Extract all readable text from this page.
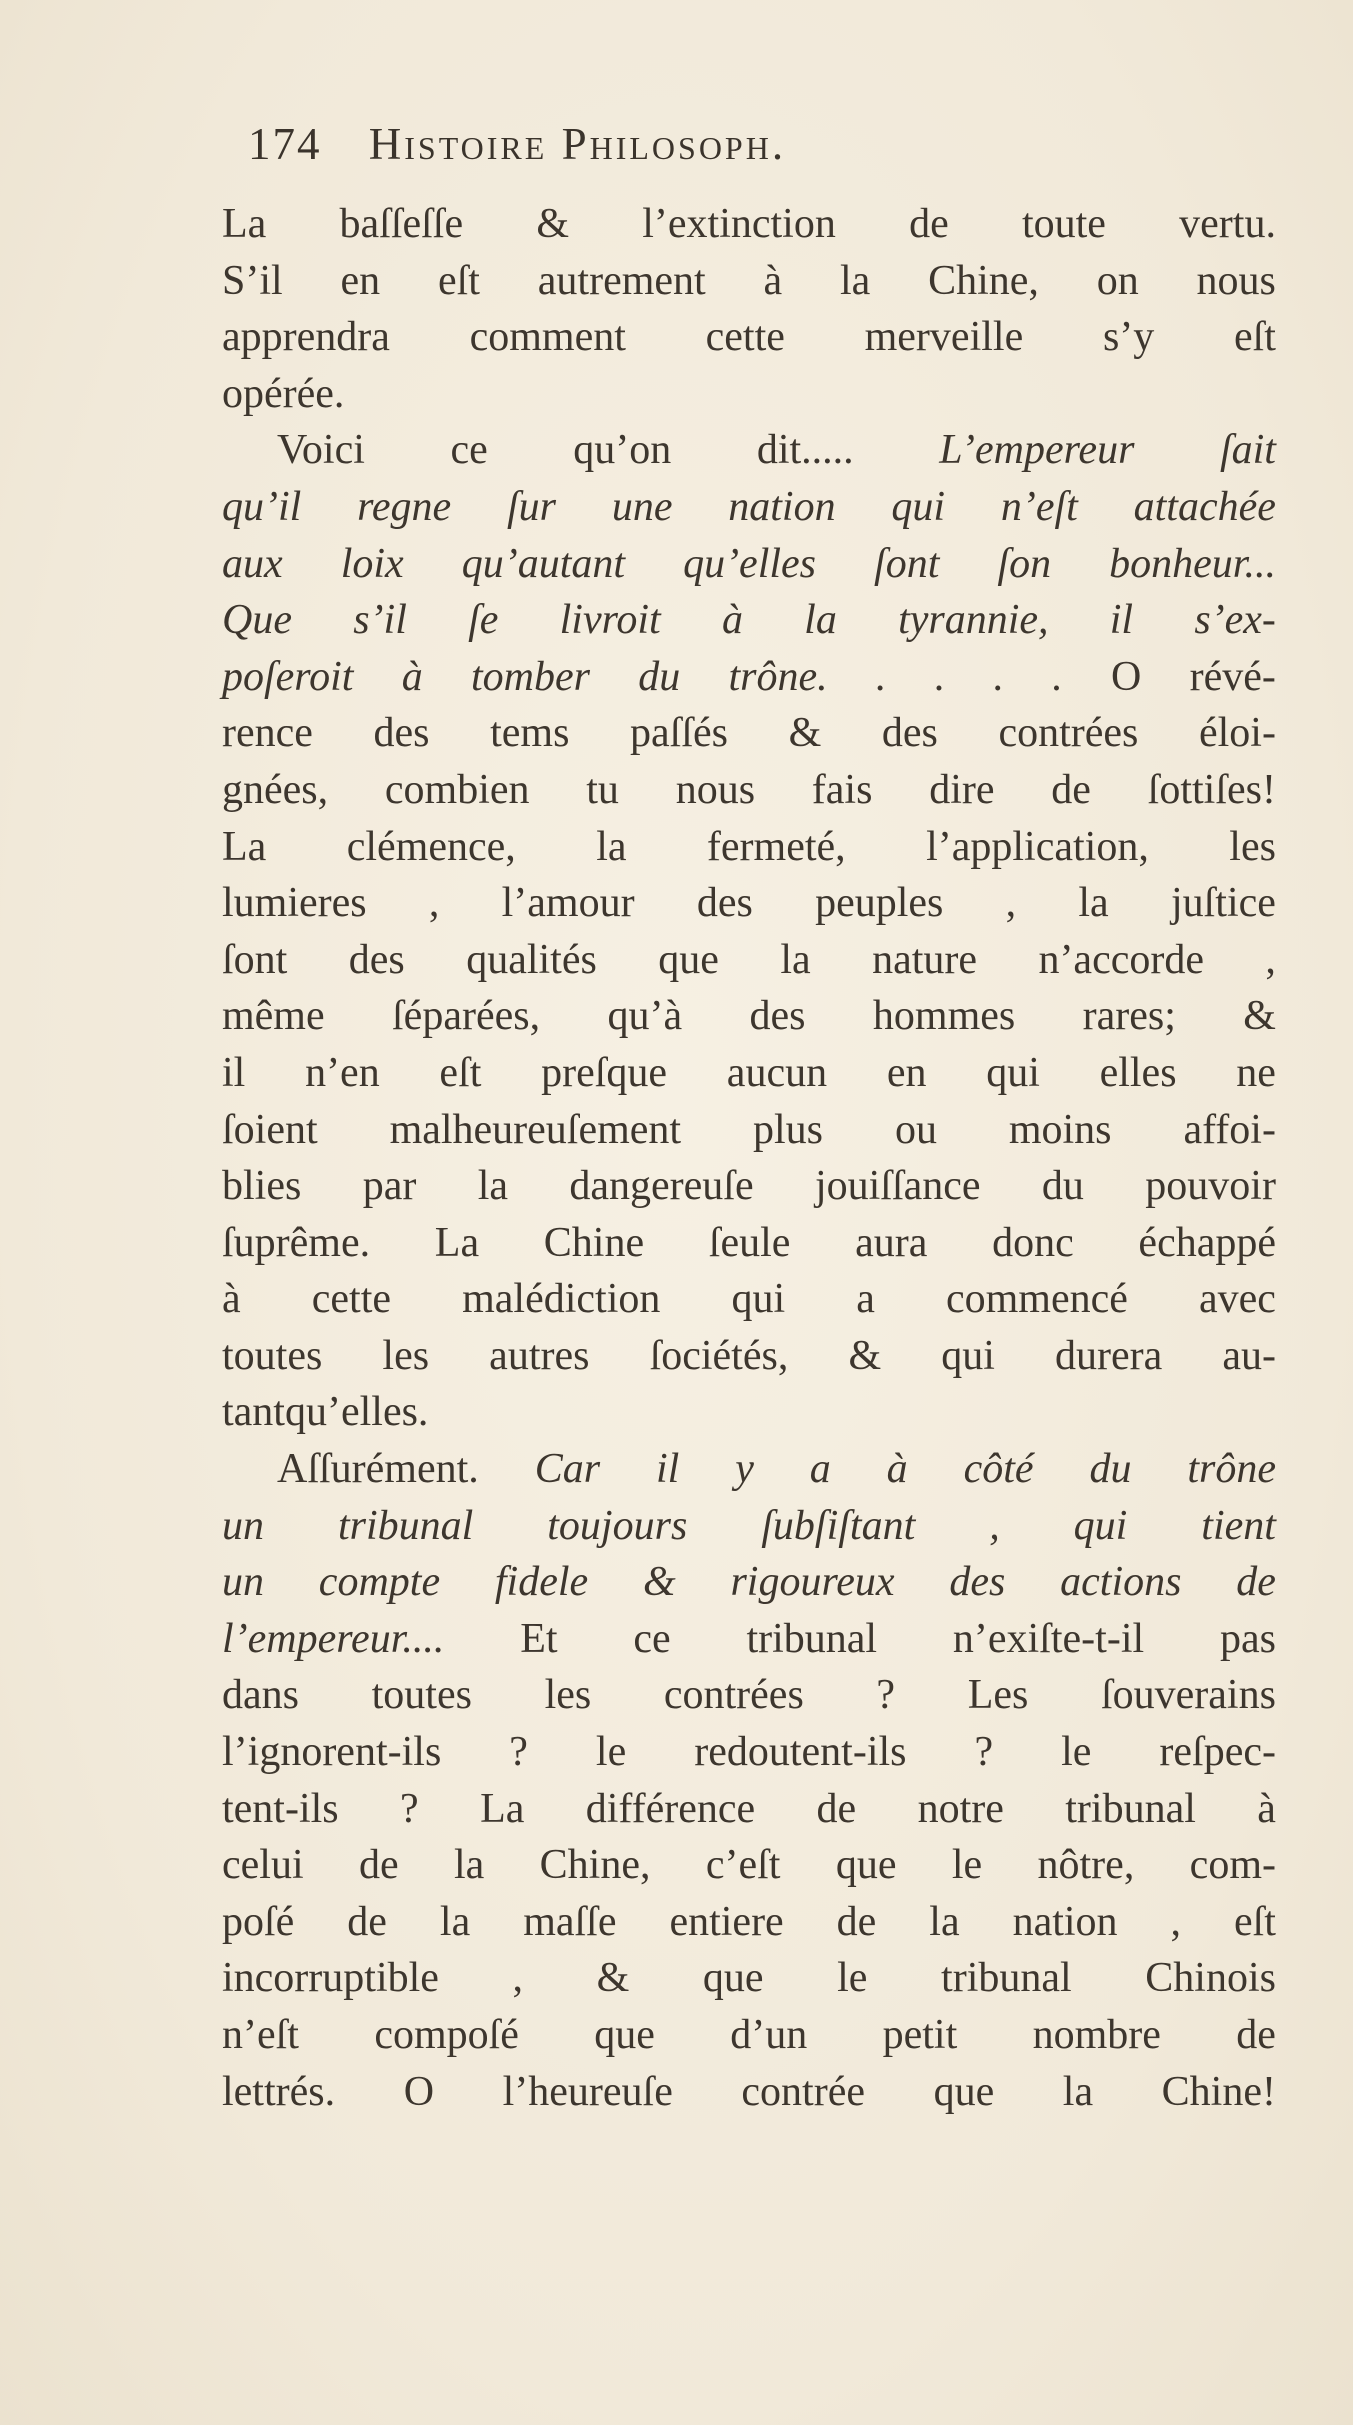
174 Histoire Philosoph.
La baſſeſſe & l’extinction de toute vertu.
S’il en eſt autrement à la Chine, on nous
apprendra comment cette merveille s’y eſt
opérée.
Voici ce qu’on dit..... L’empereur ſait
qu’il regne ſur une nation qui n’eſt attachée
aux loix qu’autant qu’elles ſont ſon bonheur...
Que s’il ſe livroit à la tyrannie, il s’ex-
poſeroit à tomber du trône. . . . . O révé-
rence des tems paſſés & des contrées éloi-
gnées, combien tu nous fais dire de ſottiſes!
La clémence, la fermeté, l’application, les
lumieres , l’amour des peuples , la juſtice
ſont des qualités que la nature n’accorde ,
même ſéparées, qu’à des hommes rares; &
il n’en eſt preſque aucun en qui elles ne
ſoient malheureuſement plus ou moins affoi-
blies par la dangereuſe jouiſſance du pouvoir
ſuprême. La Chine ſeule aura donc échappé
à cette malédiction qui a commencé avec
toutes les autres ſociétés, & qui durera au-
tant qu’elles.
Aſſurément. Car il y a à côté du trône
un tribunal toujours ſubſiſtant , qui tient
un compte fidele & rigoureux des actions de
l’empereur.... Et ce tribunal n’exiſte-t-il pas
dans toutes les contrées ? Les ſouverains
l’ignorent-ils ? le redoutent-ils ? le reſpec-
tent-ils ? La différence de notre tribunal à
celui de la Chine, c’eſt que le nôtre, com-
poſé de la maſſe entiere de la nation , eſt
incorruptible , & que le tribunal Chinois
n’eſt compoſé que d’un petit nombre de
lettrés. O l’heureuſe contrée que la Chine!
